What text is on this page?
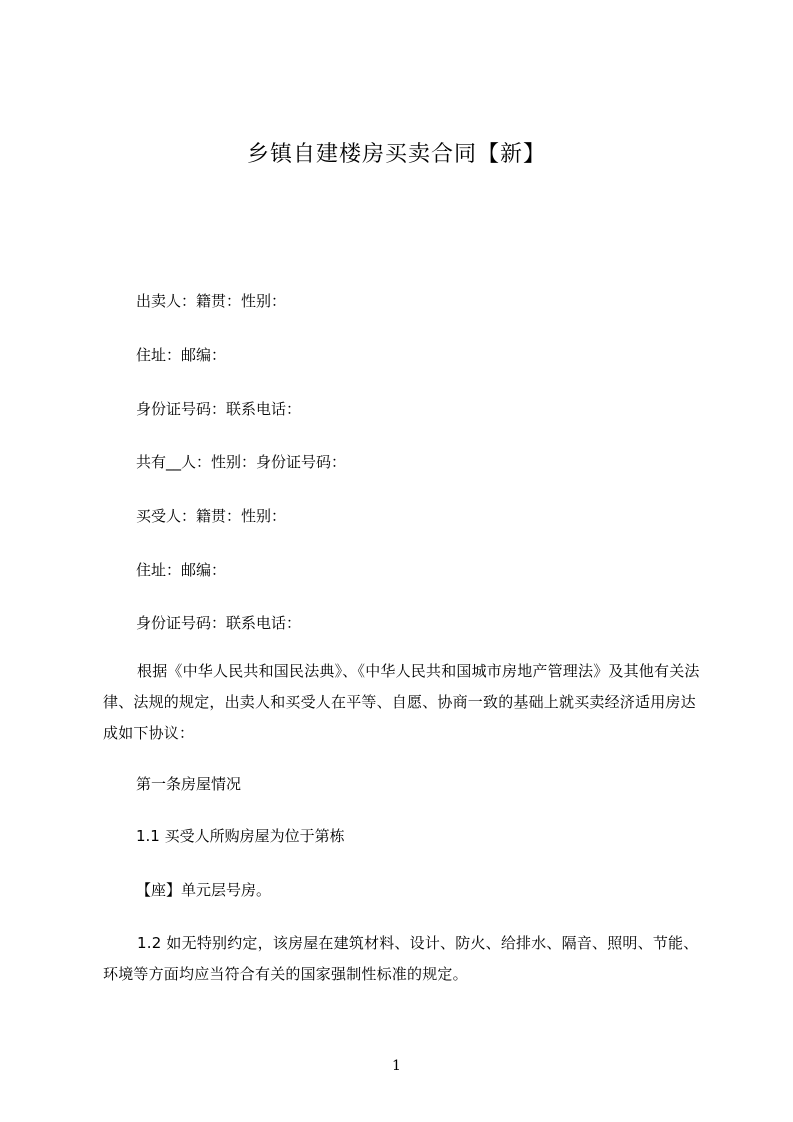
乡镇自建楼房买卖合同【新】

出卖人：籍贯：性别：

住址：邮编：

身份证号码：联系电话：

共有__人：性别：身份证号码：

买受人：籍贯：性别：

住址：邮编：

身份证号码：联系电话：

根据《中华人民共和国民法典》、《中华人民共和国城市房地产管理法》及其他有关法律、法规的规定，出卖人和买受人在平等、自愿、协商一致的基础上就买卖经济适用房达成如下协议：

第一条房屋情况

1.1 买受人所购房屋为位于第栋

【座】单元层号房。

1.2 如无特别约定，该房屋在建筑材料、设计、防火、给排水、隔音、照明、节能、环境等方面均应当符合有关的国家强制性标准的规定。

1
